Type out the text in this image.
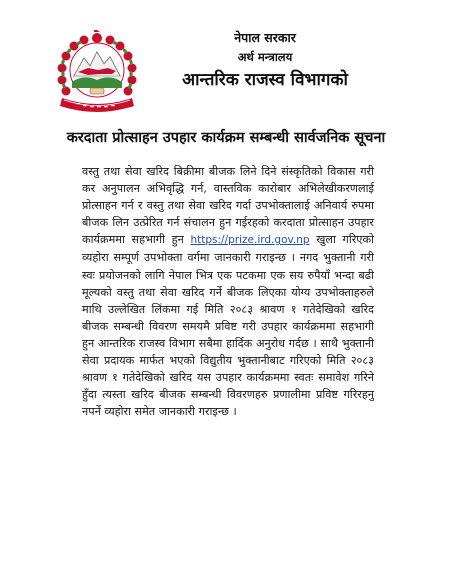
नेपाल सरकार
अर्थ मन्त्रालय
आन्तरिक राजस्व विभागको
करदाता प्रोत्साहन उपहार कार्यक्रम सम्बन्धी सार्वजनिक सूचना
वस्तु तथा सेवा खरिद बिक्रीमा बीजक लिने दिने संस्कृतिको विकास गरी कर अनुपालन अभिवृद्धि गर्न, वास्तविक कारोबार अभिलेखीकरणलाई प्रोत्साहन गर्न र वस्तु तथा सेवा खरिद गर्दा उपभोक्तालाई अनिवार्य रुपमा बीजक लिन उत्प्रेरित गर्न संचालन हुन गईरहको करदाता प्रोत्साहन उपहार कार्यक्रममा सहभागी हुन https://prize.ird.gov.np खुला गरिएको व्यहोरा सम्पूर्ण उपभोक्ता वर्गमा जानकारी गराइन्छ । नगद भुक्तानी गरी स्वः प्रयोजनको लागि नेपाल भित्र एक पटकमा एक सय रुपैयाँ भन्दा बढी मूल्यको वस्तु तथा सेवा खरिद गर्ने बीजक लिएका योग्य उपभोक्ताहरुले माथि उल्लेखित लिंकमा गई मिति २०८३ श्रावण १ गतेदेखिको खरिद बीजक सम्बन्धी विवरण समयमै प्रविष्ट गरी उपहार कार्यक्रममा सहभागी हुन आन्तरिक राजस्व विभाग सबैमा हार्दिक अनुरोध गर्दछ । साथै भुक्तानी सेवा प्रदायक मार्फत भएको विद्युतीय भुक्तानीबाट गरिएको मिति २०८३ श्रावण १ गतेदेखिको खरिद यस उपहार कार्यक्रममा स्वतः समावेश गरिने हुँदा त्यस्ता खरिद बीजक सम्बन्धी विवरणहरु प्रणालीमा प्रविष्ट गरिरहनु नपर्ने व्यहोरा समेत जानकारी गराइन्छ ।
